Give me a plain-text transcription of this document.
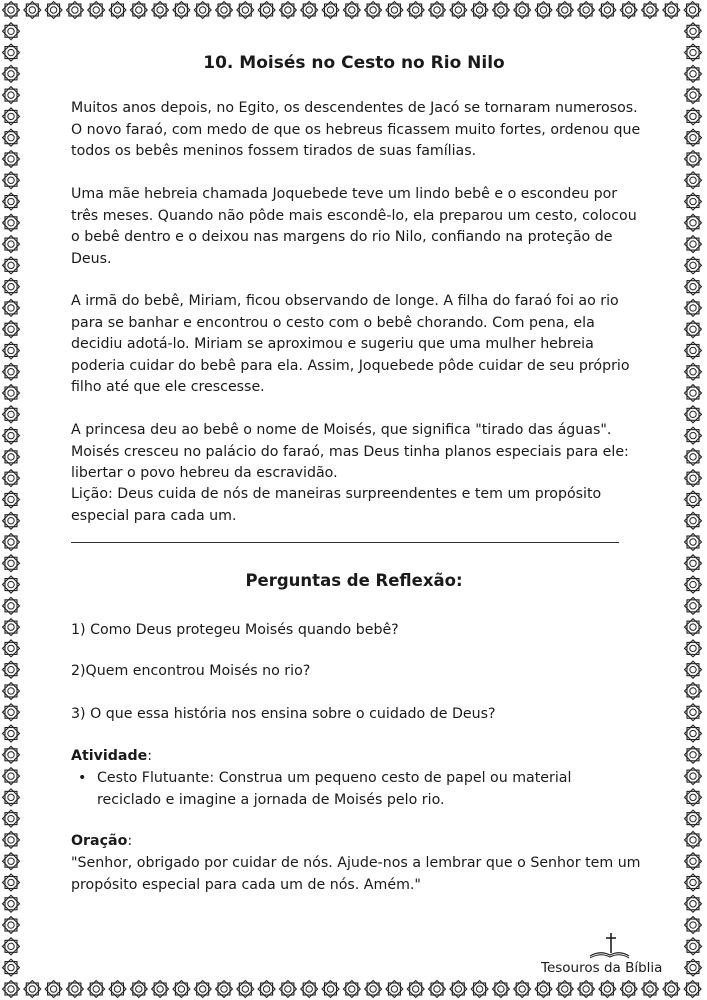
10. Moisés no Cesto no Rio Nilo

Muitos anos depois, no Egito, os descendentes de Jacó se tornaram numerosos. O novo faraó, com medo de que os hebreus ficassem muito fortes, ordenou que todos os bebês meninos fossem tirados de suas famílias.

Uma mãe hebreia chamada Joquebede teve um lindo bebê e o escondeu por três meses. Quando não pôde mais escondê-lo, ela preparou um cesto, colocou o bebê dentro e o deixou nas margens do rio Nilo, confiando na proteção de Deus.

A irmã do bebê, Miriam, ficou observando de longe. A filha do faraó foi ao rio para se banhar e encontrou o cesto com o bebê chorando. Com pena, ela decidiu adotá-lo. Miriam se aproximou e sugeriu que uma mulher hebreia poderia cuidar do bebê para ela. Assim, Joquebede pôde cuidar de seu próprio filho até que ele crescesse.

A princesa deu ao bebê o nome de Moisés, que significa "tirado das águas". Moisés cresceu no palácio do faraó, mas Deus tinha planos especiais para ele: libertar o povo hebreu da escravidão.

Lição: Deus cuida de nós de maneiras surpreendentes e tem um propósito especial para cada um.

Perguntas de Reflexão:

1) Como Deus protegeu Moisés quando bebê?

2)Quem encontrou Moisés no rio?

3) O que essa história nos ensina sobre o cuidado de Deus?

Atividade:

• Cesto Flutuante: Construa um pequeno cesto de papel ou material reciclado e imagine a jornada de Moisés pelo rio.

Oração:

"Senhor, obrigado por cuidar de nós. Ajude-nos a lembrar que o Senhor tem um propósito especial para cada um de nós. Amém."

Tesouros da Bíblia
